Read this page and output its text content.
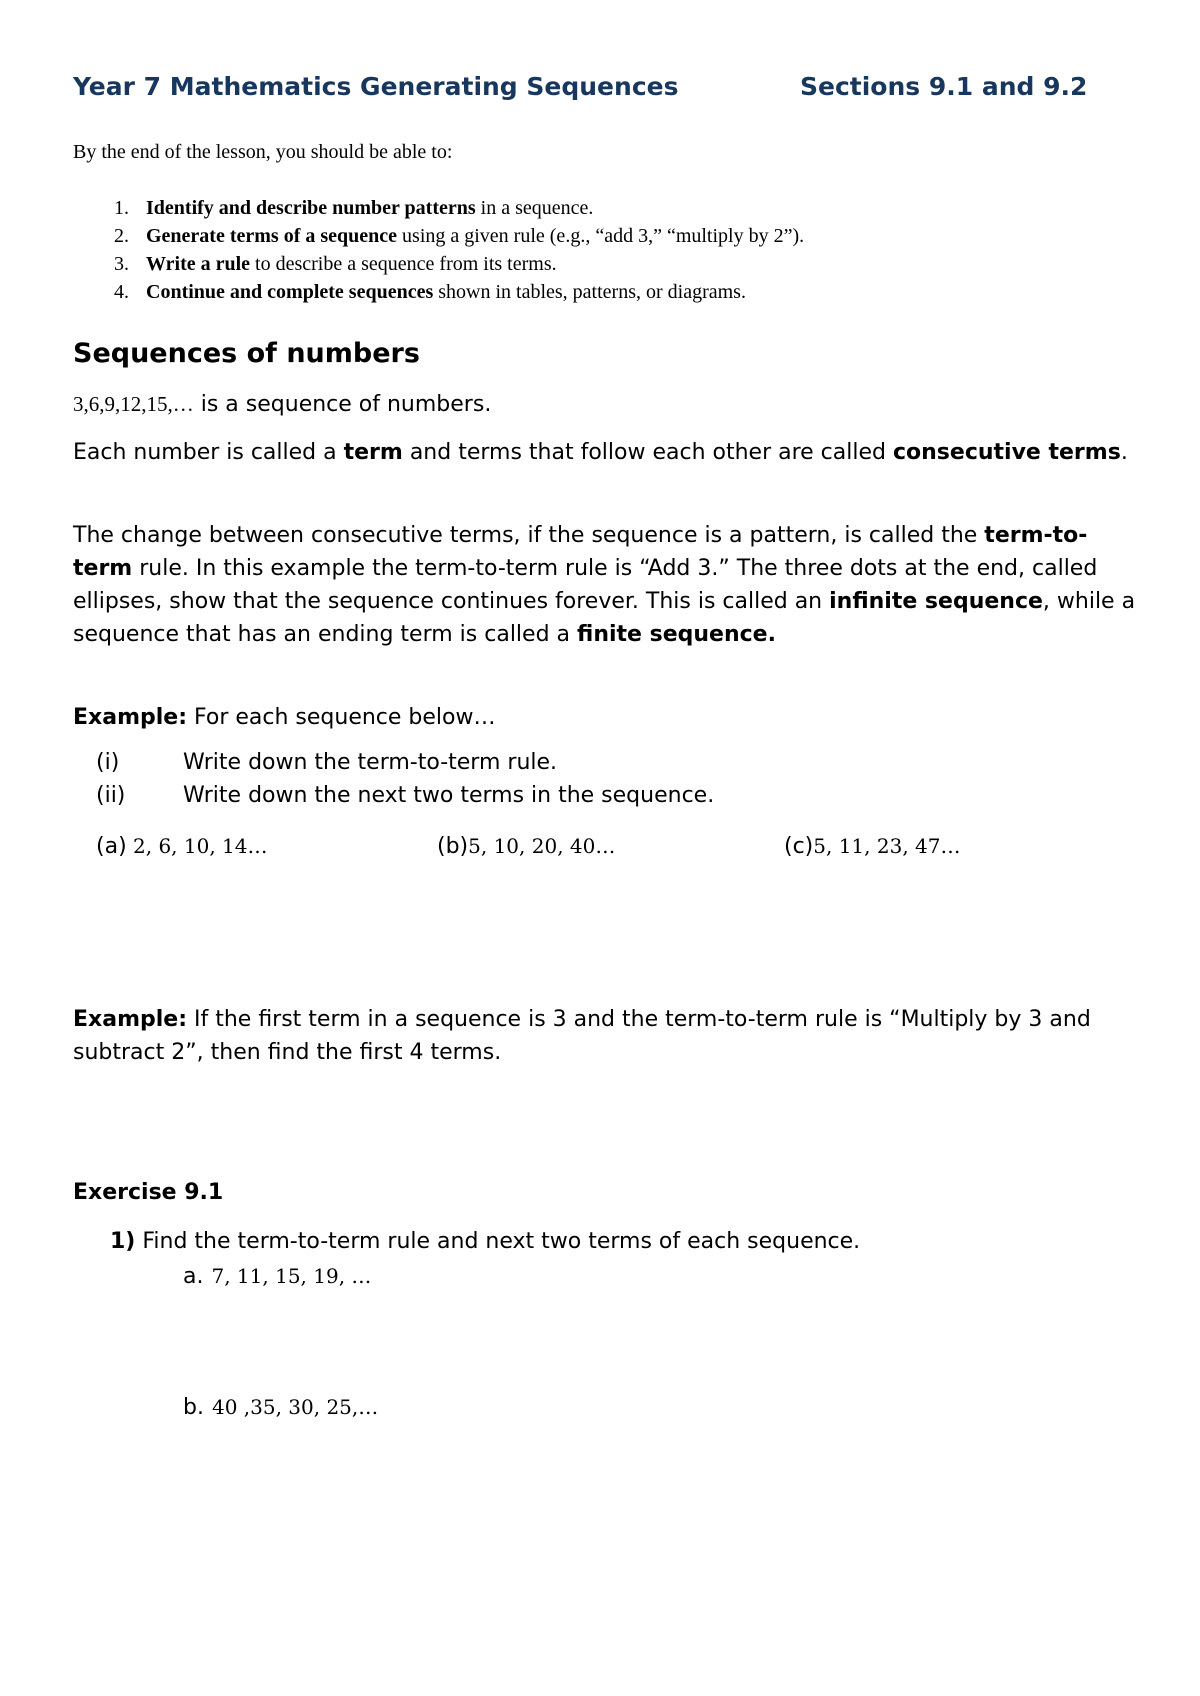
Year 7 Mathematics Generating Sequences	Sections 9.1 and 9.2
By the end of the lesson, you should be able to:
1. Identify and describe number patterns in a sequence.
2. Generate terms of a sequence using a given rule (e.g., “add 3,” “multiply by 2”).
3. Write a rule to describe a sequence from its terms.
4. Continue and complete sequences shown in tables, patterns, or diagrams.
Sequences of numbers
3,6,9,12,15,… is a sequence of numbers.
Each number is called a term and terms that follow each other are called consecutive terms.
The change between consecutive terms, if the sequence is a pattern, is called the term-to-term rule. In this example the term-to-term rule is “Add 3.” The three dots at the end, called ellipses, show that the sequence continues forever. This is called an infinite sequence, while a sequence that has an ending term is called a finite sequence.
Example: For each sequence below…
(i)	Write down the term-to-term rule.
(ii)	Write down the next two terms in the sequence.
(a) 2, 6, 10, 14…	(b)5, 10, 20, 40…	(c)5, 11, 23, 47…
Example: If the first term in a sequence is 3 and the term-to-term rule is “Multiply by 3 and subtract 2”, then find the first 4 terms.
Exercise 9.1
1) Find the term-to-term rule and next two terms of each sequence.
a. 7, 11, 15, 19, …
b. 40 ,35, 30, 25,…
